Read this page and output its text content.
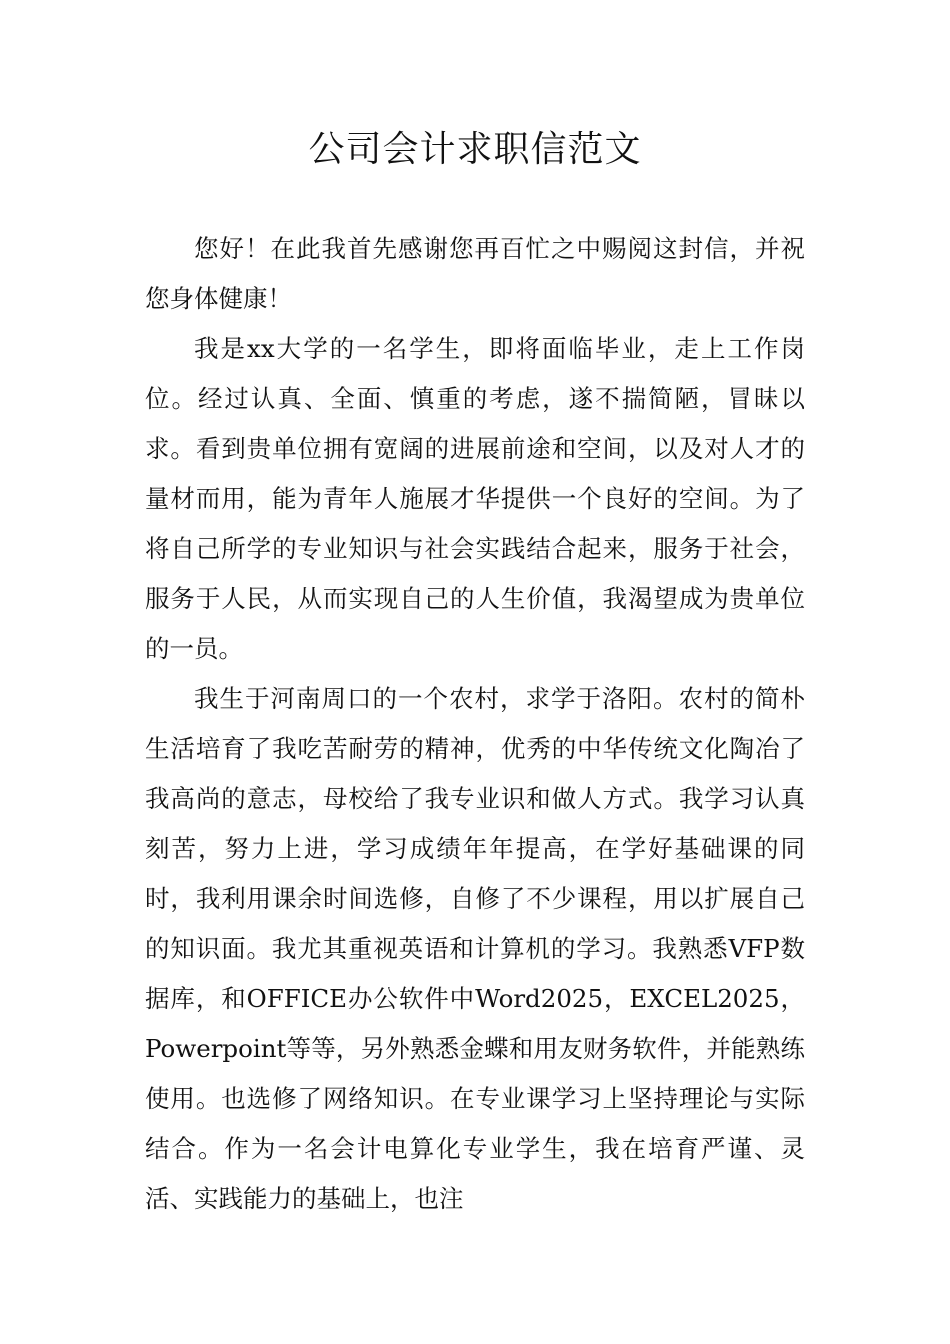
公司会计求职信范文

您好！在此我首先感谢您再百忙之中赐阅这封信，并祝您身体健康！

我是xx大学的一名学生，即将面临毕业，走上工作岗位。经过认真、全面、慎重的考虑，遂不揣简陋，冒昧以求。看到贵单位拥有宽阔的进展前途和空间，以及对人才的量材而用，能为青年人施展才华提供一个良好的空间。为了将自己所学的专业知识与社会实践结合起来，服务于社会，服务于人民，从而实现自己的人生价值，我渴望成为贵单位的一员。

我生于河南周口的一个农村，求学于洛阳。农村的简朴生活培育了我吃苦耐劳的精神，优秀的中华传统文化陶冶了我高尚的意志，母校给了我专业识和做人方式。我学习认真刻苦，努力上进，学习成绩年年提高，在学好基础课的同时，我利用课余时间选修，自修了不少课程，用以扩展自己的知识面。我尤其重视英语和计算机的学习。我熟悉VFP数据库，和OFFICE办公软件中Word2025，EXCEL2025，Powerpoint等等，另外熟悉金蝶和用友财务软件，并能熟练使用。也选修了网络知识。在专业课学习上坚持理论与实际结合。作为一名会计电算化专业学生，我在培育严谨、灵活、实践能力的基础上，也注
